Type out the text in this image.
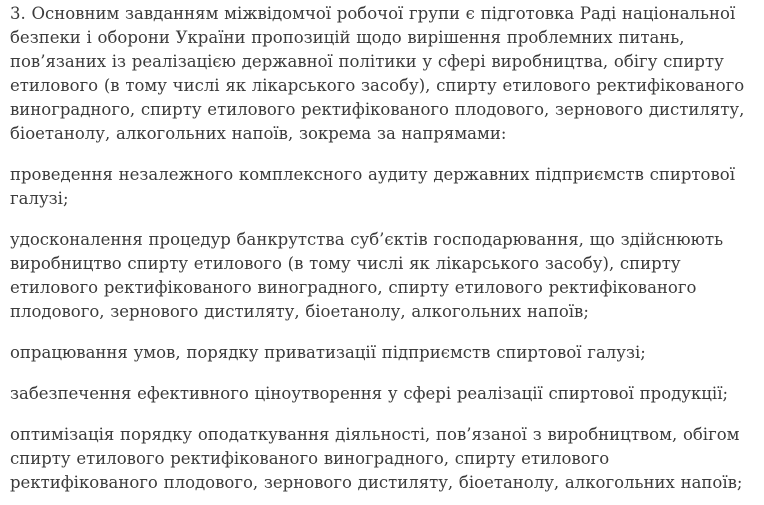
3. Основним завданням міжвідомчої робочої групи є підготовка Раді національної безпеки і оборони України пропозицій щодо вирішення проблемних питань, пов’язаних із реалізацією державної політики у сфері виробництва, обігу спирту етилового (в тому числі як лікарського засобу), спирту етилового ректифікованого виноградного, спирту етилового ректифікованого плодового, зернового дистиляту, біоетанолу, алкогольних напоїв, зокрема за напрямами:

проведення незалежного комплексного аудиту державних підприємств спиртової галузі;

удосконалення процедур банкрутства суб’єктів господарювання, що здійснюють виробництво спирту етилового (в тому числі як лікарського засобу), спирту етилового ректифікованого виноградного, спирту етилового ректифікованого плодового, зернового дистиляту, біоетанолу, алкогольних напоїв;

опрацювання умов, порядку приватизації підприємств спиртової галузі;

забезпечення ефективного ціноутворення у сфері реалізації спиртової продукції;

оптимізація порядку оподаткування діяльності, пов’язаної з виробництвом, обігом спирту етилового ректифікованого виноградного, спирту етилового ректифікованого плодового, зернового дистиляту, біоетанолу, алкогольних напоїв;
